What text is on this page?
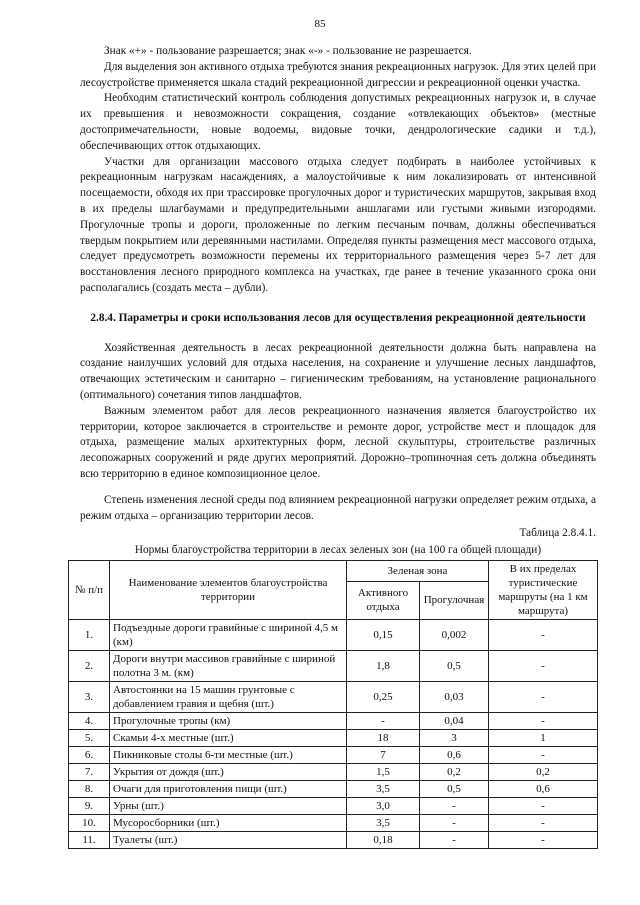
85

Знак «+» - пользование разрешается; знак «-» - пользование не разрешается.

Для выделения зон активного отдыха требуются знания рекреационных нагрузок. Для этих целей при лесоустройстве применяется шкала стадий рекреационной дигрессии и рекреационной оценки участка.

Необходим статистический контроль соблюдения допустимых рекреационных нагрузок и, в случае их превышения и невозможности сокращения, создание «отвлекающих объектов» (местные достопримечательности, новые водоемы, видовые точки, дендрологические садики и т.д.), обеспечивающих отток отдыхающих.

Участки для организации массового отдыха следует подбирать в наиболее устойчивых к рекреационным нагрузкам насаждениях, а малоустойчивые к ним локализировать от интенсивной посещаемости, обходя их при трассировке прогулочных дорог и туристических маршрутов, закрывая вход в их пределы шлагбаумами и предупредительными аншлагами или густыми живыми изгородями. Прогулочные тропы и дороги, проложенные по легким песчаным почвам, должны обеспечиваться твердым покрытием или деревянными настилами. Определяя пункты размещения мест массового отдыха, следует предусмотреть возможности перемены их территориального размещения через 5-7 лет для восстановления лесного природного комплекса на участках, где ранее в течение указанного срока они располагались (создать места – дубли).

2.8.4. Параметры и сроки использования лесов для осуществления рекреационной деятельности

Хозяйственная деятельность в лесах рекреационной деятельности должна быть направлена на создание наилучших условий для отдыха населения, на сохранение и улучшение лесных ландшафтов, отвечающих эстетическим и санитарно – гигиеническим требованиям, на установление рационального (оптимального) сочетания типов ландшафтов.

Важным элементом работ для лесов рекреационного назначения является благоустройство их территории, которое заключается в строительстве и ремонте дорог, устройстве мест и площадок для отдыха, размещение малых архитектурных форм, лесной скульптуры, строительстве различных лесопожарных сооружений и ряде других мероприятий. Дорожно–тропиночная сеть должна объединять всю территорию в единое композиционное целое.

Степень изменения лесной среды под влиянием рекреационной нагрузки определяет режим отдыха, а режим отдыха – организацию территории лесов.

Таблица 2.8.4.1.
Нормы благоустройства территории в лесах зеленых зон (на 100 га общей площади)
№ п/п	Наименование элементов благоустройства территории	Зеленая зона		В их пределах туристические маршруты (на 1 км маршрута)
		Активного отдыха	Прогулочная	
1.	Подъездные дороги гравийные с шириной 4,5 м (км)	0,15	0,002	-
2.	Дороги внутри массивов гравийные с шириной полотна 3 м. (км)	1,8	0,5	-
3.	Автостоянки на 15 машин грунтовые с добавлением гравия и щебня (шт.)	0,25	0,03	-
4.	Прогулочные тропы (км)	-	0,04	-
5.	Скамьи 4-х местные (шт.)	18	3	1
6.	Пикниковые столы 6-ти местные (шт.)	7	0,6	-
7.	Укрытия от дождя (шт.)	1,5	0,2	0,2
8.	Очаги для приготовления пищи (шт.)	3,5	0,5	0,6
9.	Урны (шт.)	3,0	-	-
10.	Мусоросборники (шт.)	3,5	-	-
11.	Туалеты (шт.)	0,18	-	-
